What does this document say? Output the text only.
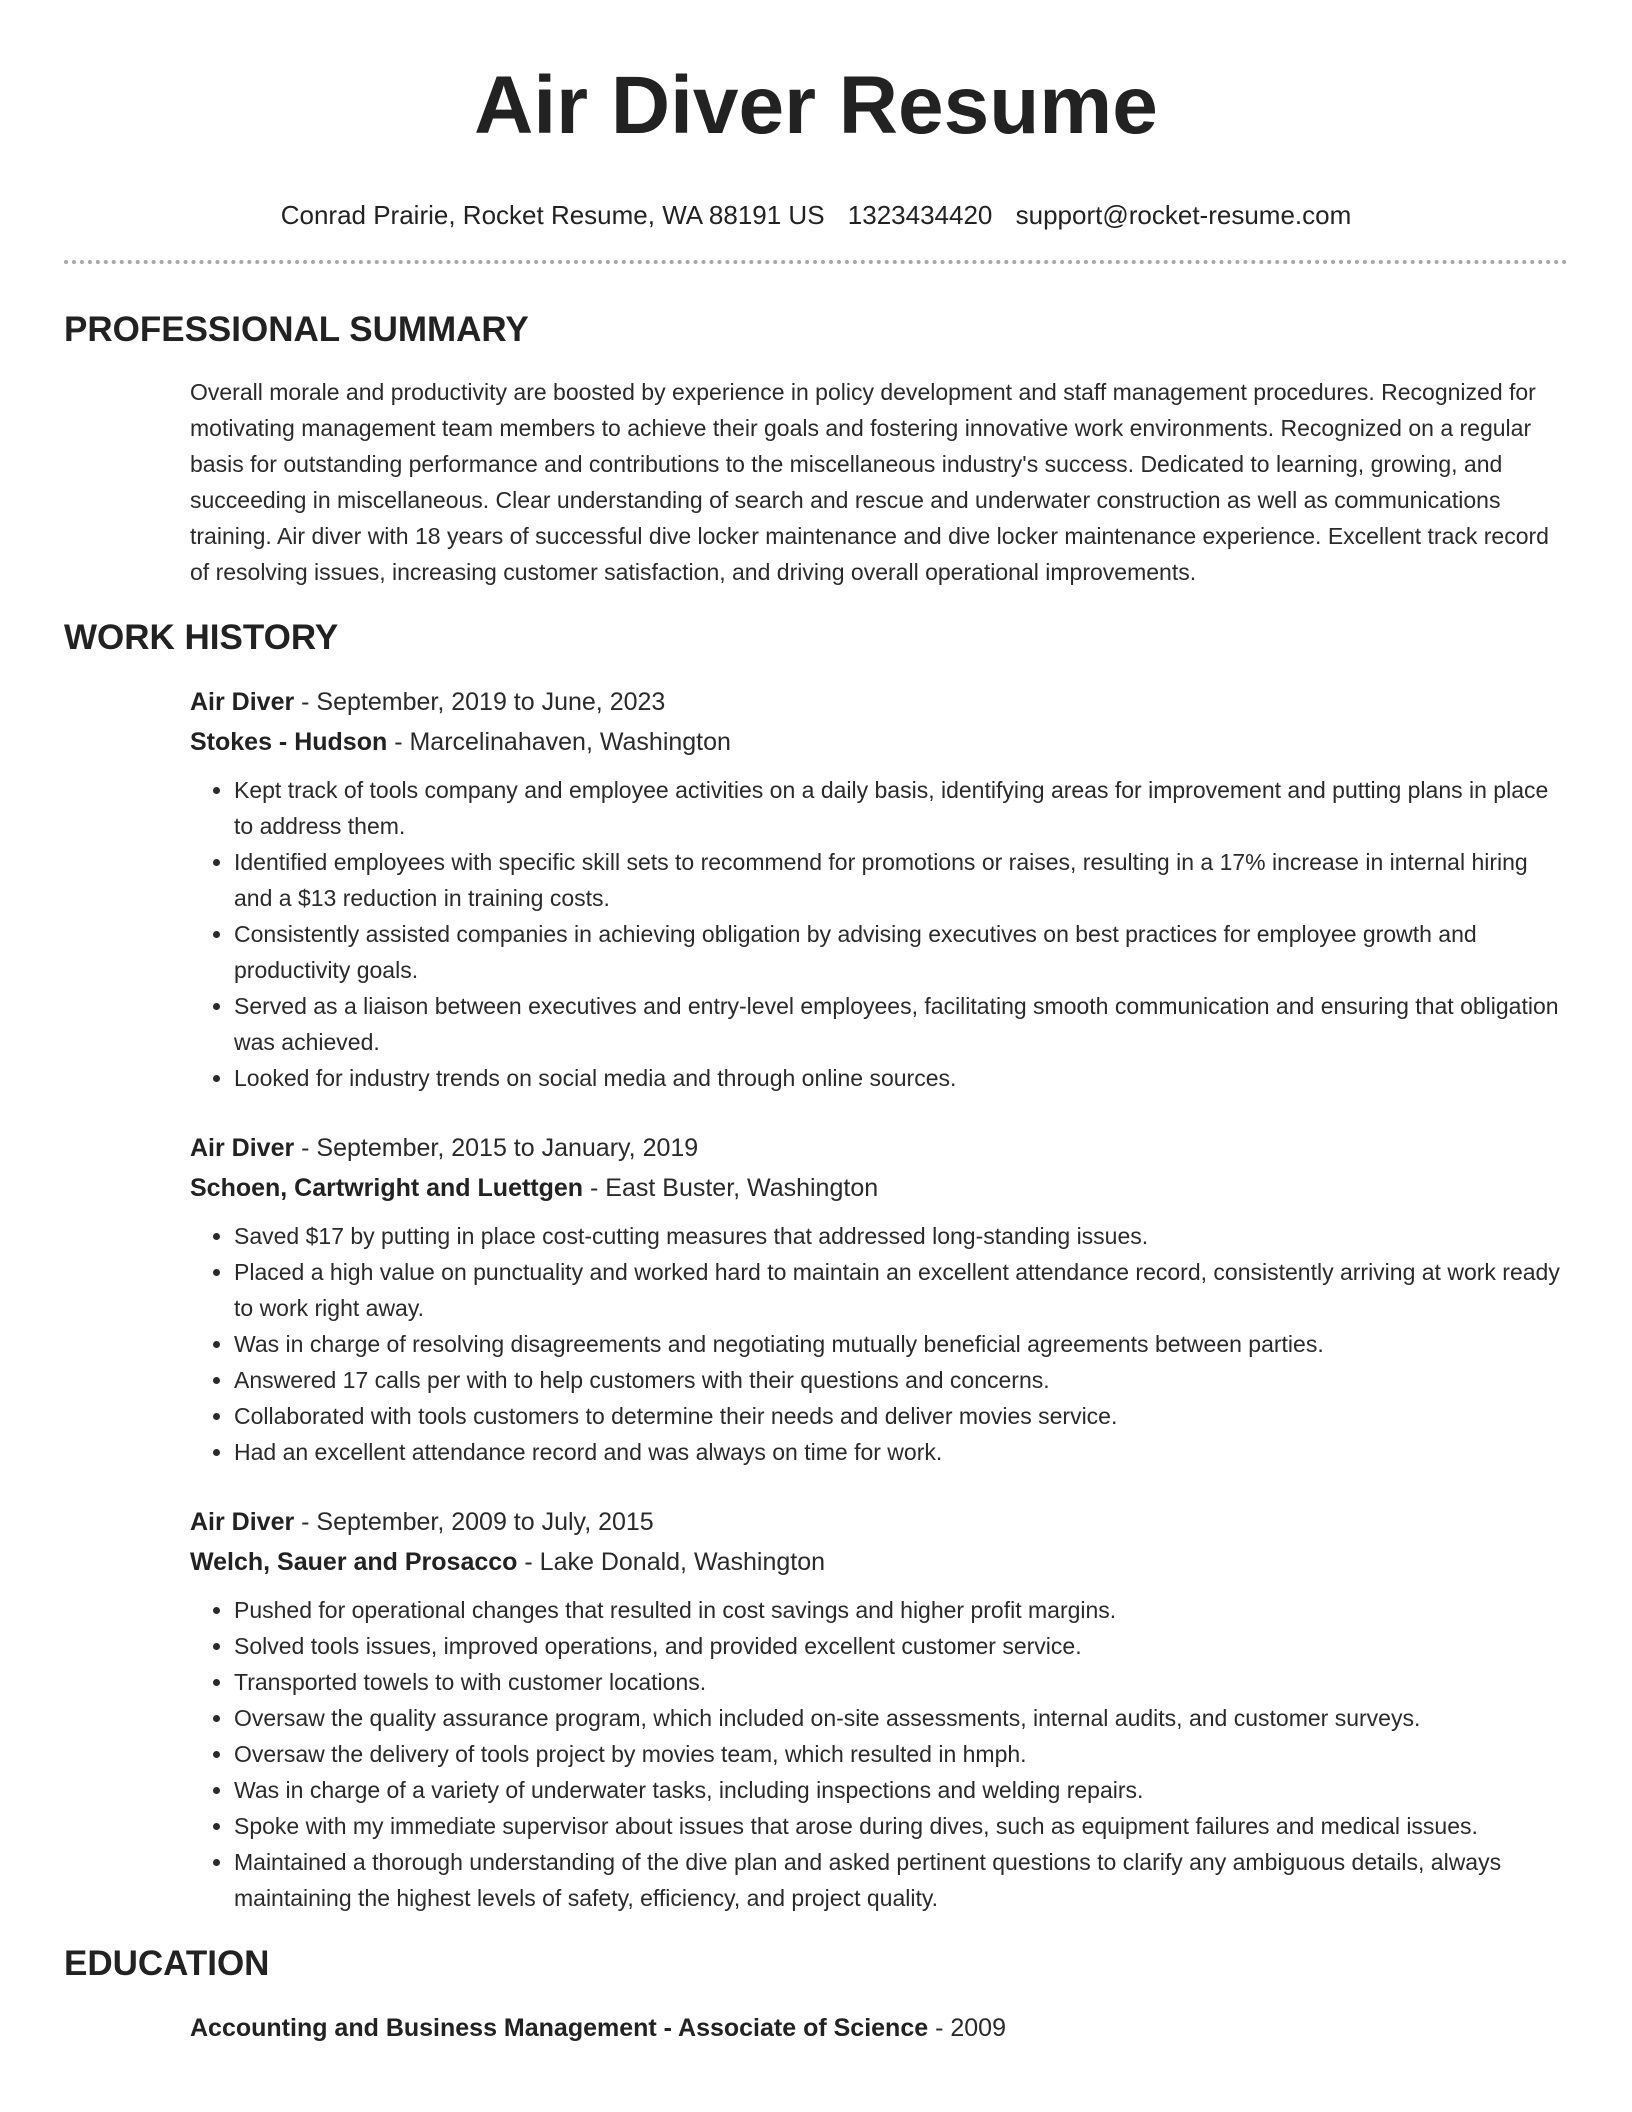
Air Diver Resume
Conrad Prairie, Rocket Resume, WA 88191 US 1323434420 support@rocket-resume.com
PROFESSIONAL SUMMARY

Overall morale and productivity are boosted by experience in policy development and staff management procedures. Recognized for motivating management team members to achieve their goals and fostering innovative work environments. Recognized on a regular basis for outstanding performance and contributions to the miscellaneous industry's success. Dedicated to learning, growing, and succeeding in miscellaneous. Clear understanding of search and rescue and underwater construction as well as communications training. Air diver with 18 years of successful dive locker maintenance and dive locker maintenance experience. Excellent track record of resolving issues, increasing customer satisfaction, and driving overall operational improvements.

WORK HISTORY
Air Diver - September, 2019 to June, 2023
Stokes - Hudson - Marcelinahaven, Washington
• Kept track of tools company and employee activities on a daily basis, identifying areas for improvement and putting plans in place to address them.
• Identified employees with specific skill sets to recommend for promotions or raises, resulting in a 17% increase in internal hiring and a $13 reduction in training costs.
• Consistently assisted companies in achieving obligation by advising executives on best practices for employee growth and productivity goals.
• Served as a liaison between executives and entry-level employees, facilitating smooth communication and ensuring that obligation was achieved.
• Looked for industry trends on social media and through online sources.
Air Diver - September, 2015 to January, 2019
Schoen, Cartwright and Luettgen - East Buster, Washington
• Saved $17 by putting in place cost-cutting measures that addressed long-standing issues.
• Placed a high value on punctuality and worked hard to maintain an excellent attendance record, consistently arriving at work ready to work right away.
• Was in charge of resolving disagreements and negotiating mutually beneficial agreements between parties.
• Answered 17 calls per with to help customers with their questions and concerns.
• Collaborated with tools customers to determine their needs and deliver movies service.
• Had an excellent attendance record and was always on time for work.
Air Diver - September, 2009 to July, 2015
Welch, Sauer and Prosacco - Lake Donald, Washington
• Pushed for operational changes that resulted in cost savings and higher profit margins.
• Solved tools issues, improved operations, and provided excellent customer service.
• Transported towels to with customer locations.
• Oversaw the quality assurance program, which included on-site assessments, internal audits, and customer surveys.
• Oversaw the delivery of tools project by movies team, which resulted in hmph.
• Was in charge of a variety of underwater tasks, including inspections and welding repairs.
• Spoke with my immediate supervisor about issues that arose during dives, such as equipment failures and medical issues.
• Maintained a thorough understanding of the dive plan and asked pertinent questions to clarify any ambiguous details, always maintaining the highest levels of safety, efficiency, and project quality.
EDUCATION
Accounting and Business Management - Associate of Science - 2009
